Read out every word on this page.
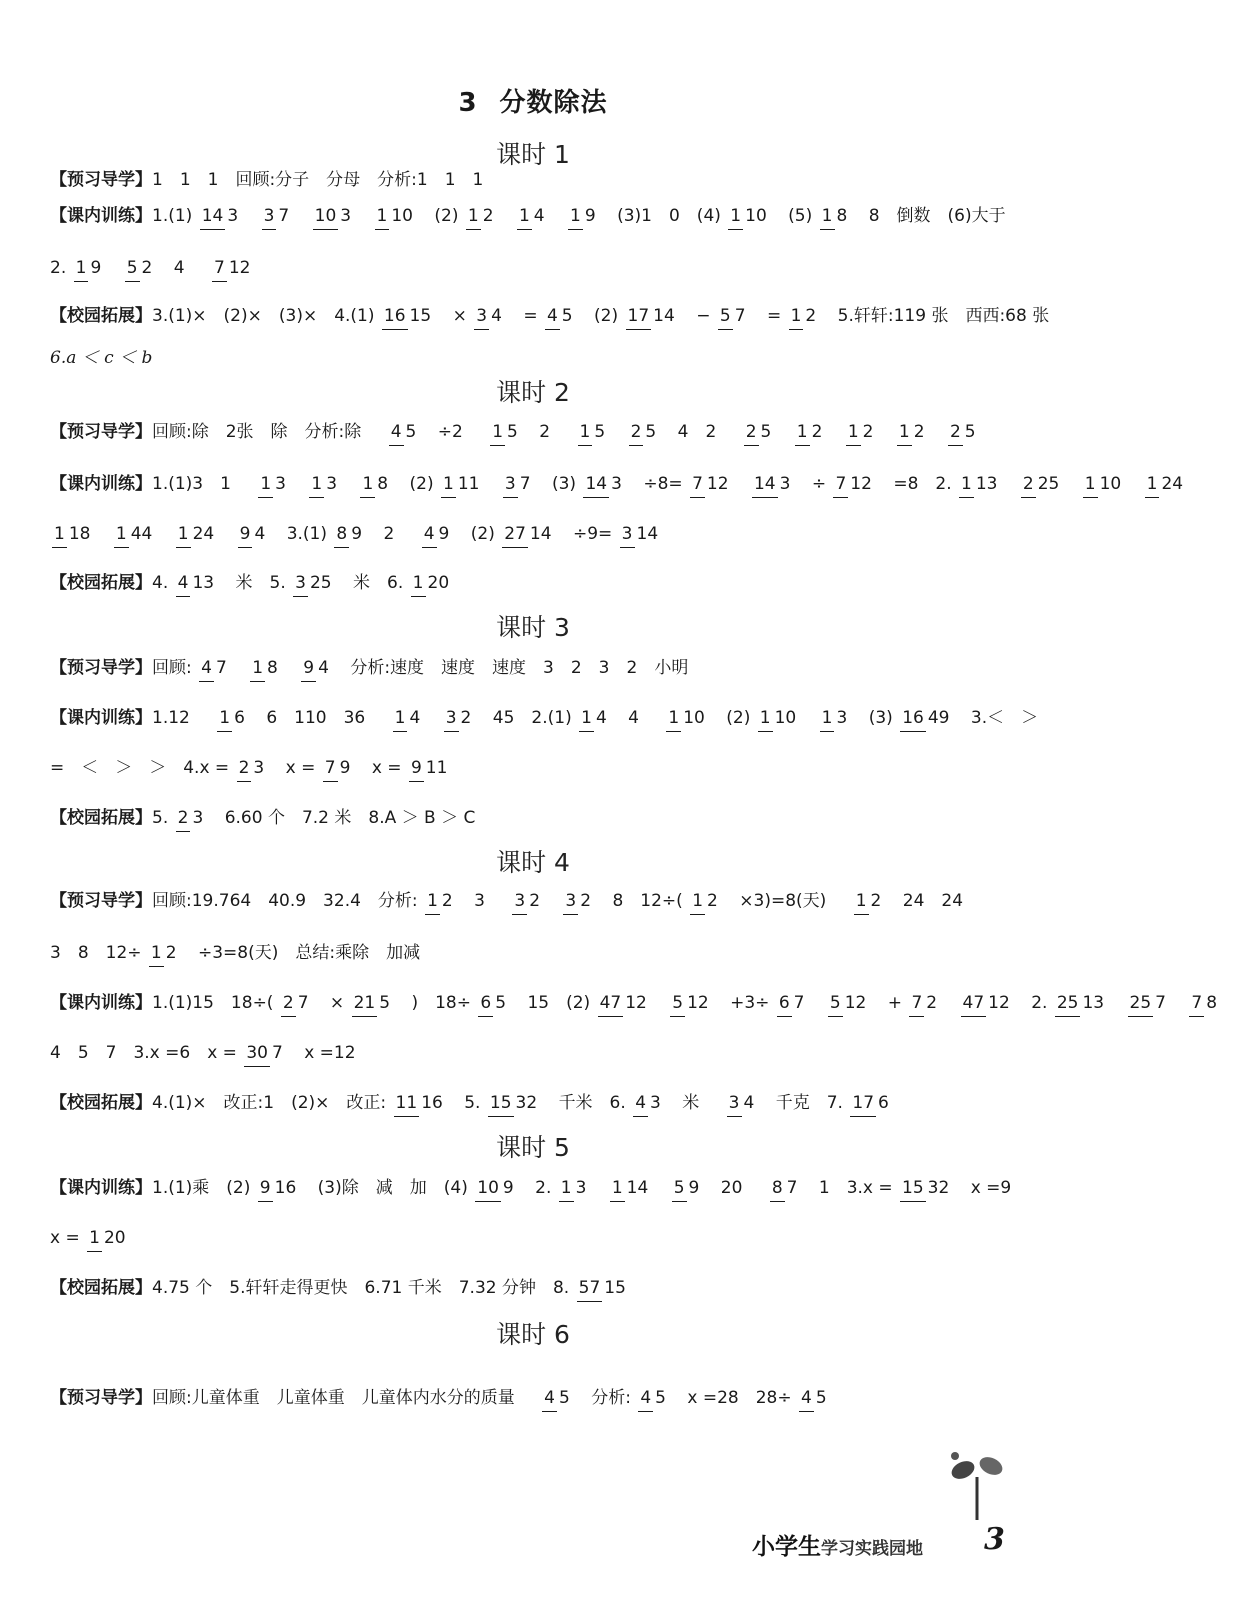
3 分数除法
课时 1
【预习导学】1　1　1　回顾:分子　分母　分析:1　1　1
【课内训练】1.(1) 14 3 3 7 10 3 1 10 (2) 1 2 1 4 1 9 (3)1　0　(4) 1 10 (5) 1 8 8　倒数　(6)大于
2. 1 9 5 2 4 7 12
【校园拓展】3.(1)×　(2)×　(3)×　4.(1) 16 15 × 3 4 = 4 5 (2) 17 14 − 5 7 = 1 2 5.轩轩:119 张　西西:68 张
6.a ＜ c ＜ b
课时 2
【预习导学】回顾:除　2张　除　分析:除 4 5 ÷2 1 5 2 1 5 2 5 4　2 2 5 1 2 1 2 1 2 2 5
【课内训练】1.(1)3　1 1 3 1 3 1 8 (2) 1 11 3 7 (3) 14 3 ÷8= 7 12 14 3 ÷ 7 12 =8　2. 1 13 2 25 1 10 1 24
1 18 1 44 1 24 9 4 3.(1) 8 9 2 4 9 (2) 27 14 ÷9= 3 14
【校园拓展】4. 4 13 米　5. 3 25 米　6. 1 20
课时 3
【预习导学】回顾: 4 7 1 8 9 4 分析:速度　速度　速度　3　2　3　2　小明
【课内训练】1.12 1 6 6　110　36 1 4 3 2 45　2.(1) 1 4 4 1 10 (2) 1 10 1 3 (3) 16 49 3.＜　＞
=　＜　＞　＞　4.x = 2 3 x = 7 9 x = 9 11
【校园拓展】5. 2 3 6.60 个　7.2 米　8.A ＞ B ＞ C
课时 4
【预习导学】回顾:19.764　40.9　32.4　分析: 1 2 3 3 2 3 2 8　12÷( 1 2 ×3)=8(天) 1 2 24　24
3　8　12÷ 1 2 ÷3=8(天)　总结:乘除　加减
【课内训练】1.(1)15　18÷( 2 7 × 21 5 )　18÷ 6 5 15　(2) 47 12 5 12 +3÷ 6 7 5 12 + 7 2 47 12 2. 25 13 25 7 7 8
4　5　7　3.x =6　x = 30 7 x =12
【校园拓展】4.(1)×　改正:1　(2)×　改正: 11 16 5. 15 32 千米　6. 4 3 米 3 4 千克　7. 17 6
课时 5
【课内训练】1.(1)乘　(2) 9 16 (3)除　减　加　(4) 10 9 2. 1 3 1 14 5 9 20 8 7 1　3.x = 15 32 x =9
x = 1 20
【校园拓展】4.75 个　5.轩轩走得更快　6.71 千米　7.32 分钟　8. 57 15
课时 6
【预习导学】回顾:儿童体重　儿童体重　儿童体内水分的质量 4 5 分析: 4 5 x =28　28÷ 4 5
小学生学习实践园地 3
